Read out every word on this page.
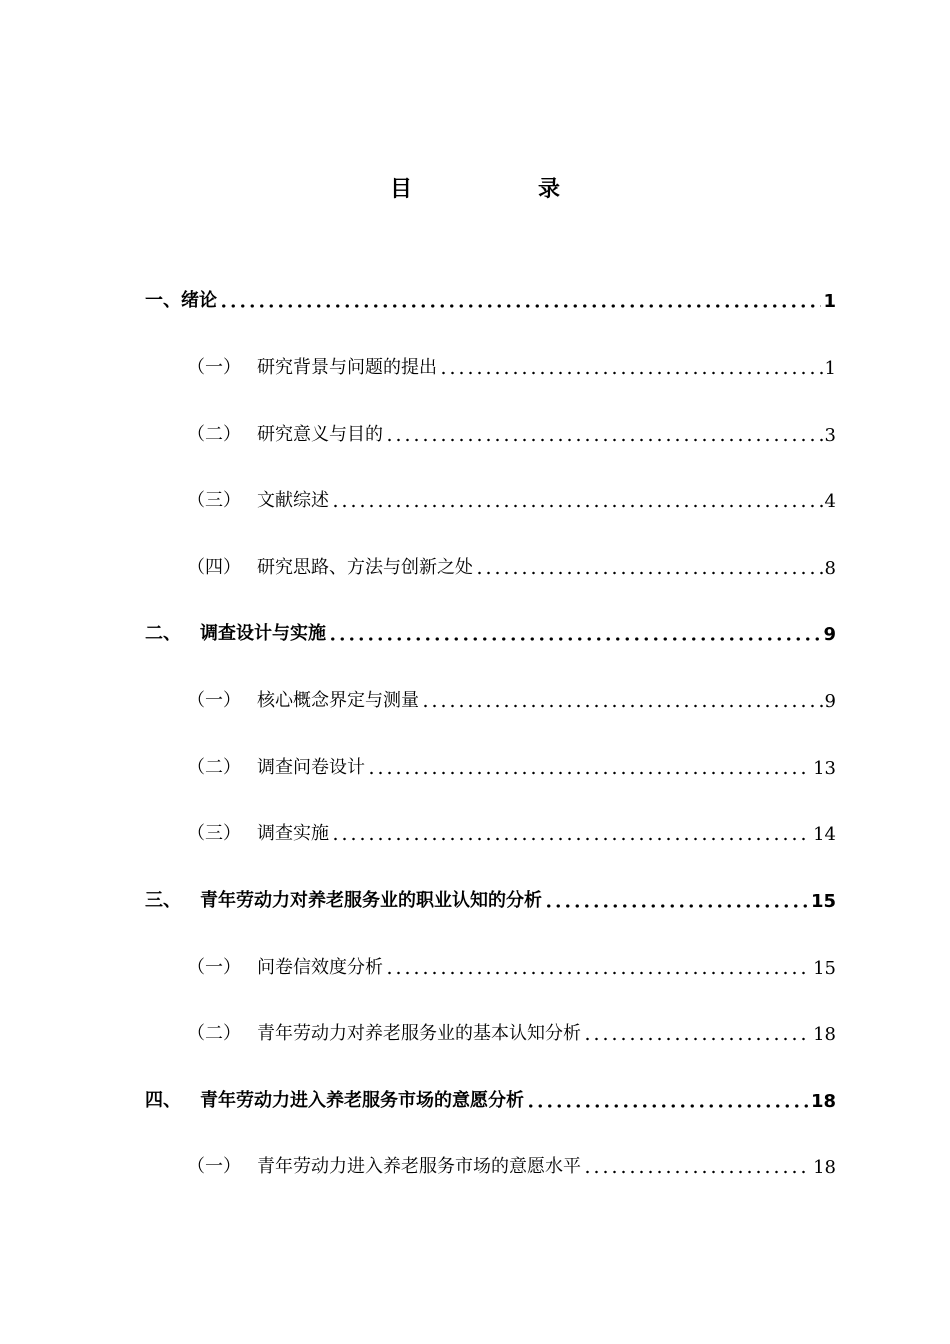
目　录
一、 绪论	1
（一） 研究背景与问题的提出	1
（二） 研究意义与目的	3
（三） 文献综述	4
（四） 研究思路、方法与创新之处	8
二、	调查设计与实施	9
（一） 核心概念界定与测量	9
（二） 调查问卷设计	13
（三） 调查实施	14
三、	青年劳动力对养老服务业的职业认知的分析	15
（一） 问卷信效度分析	15
（二） 青年劳动力对养老服务业的基本认知分析	18
四、	青年劳动力进入养老服务市场的意愿分析	18
（一） 青年劳动力进入养老服务市场的意愿水平	18
